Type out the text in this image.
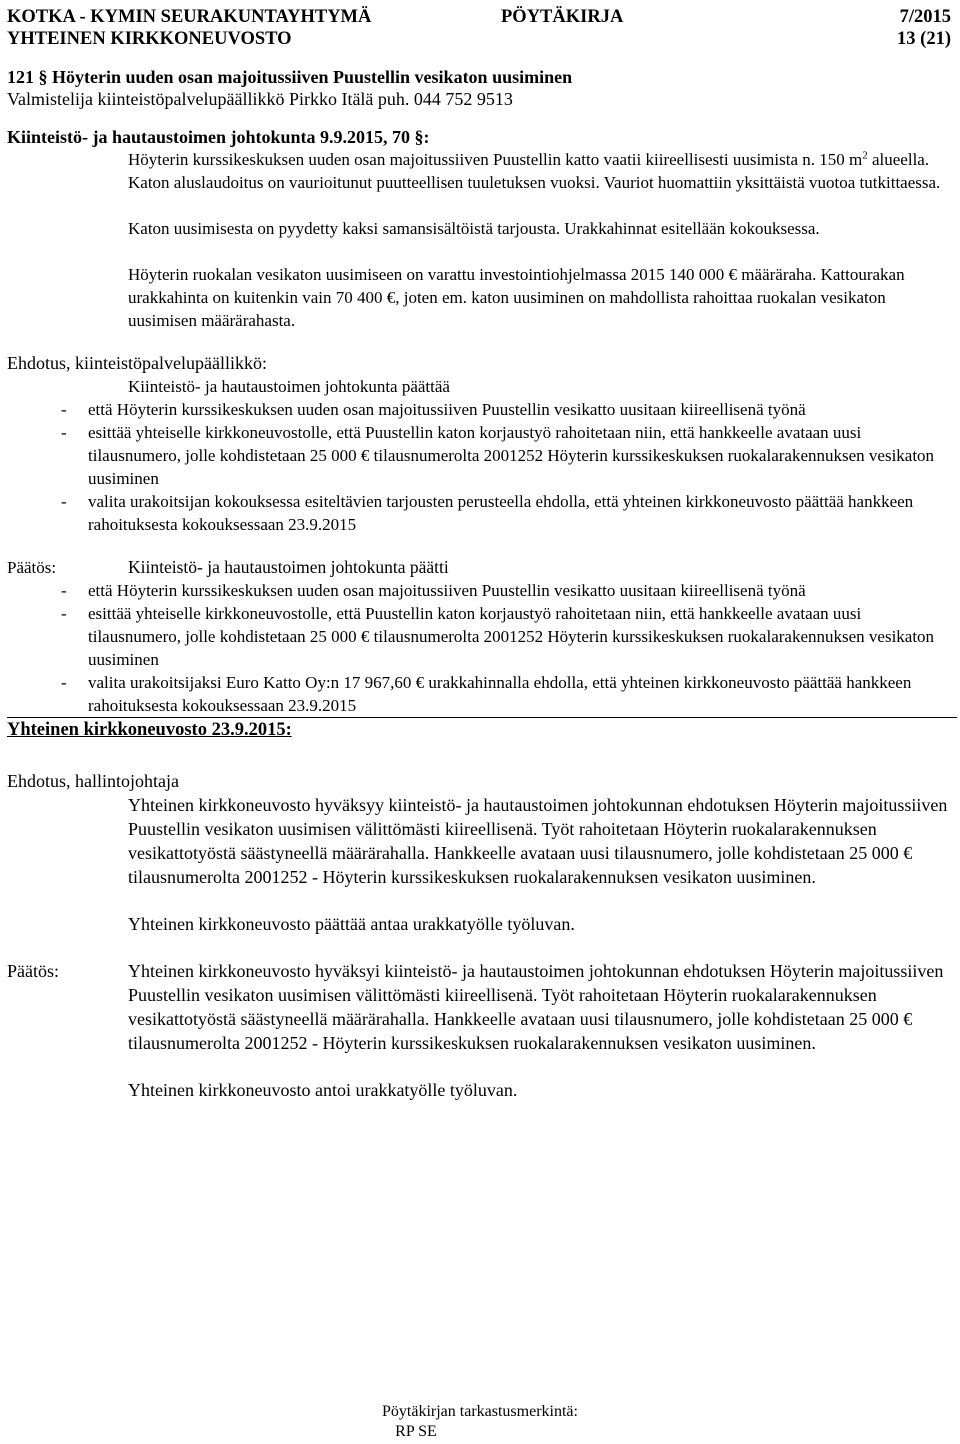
KOTKA - KYMIN SEURAKUNTAYHTYMÄ	PÖYTÄKIRJA	7/2015
YHTEINEN KIRKKONEUVOSTO	13 (21)
121 § Höyterin uuden osan majoitussiiven Puustellin vesikaton uusiminen
Valmistelija kiinteistöpalvelupäällikkö Pirkko Itälä puh. 044 752 9513
Kiinteistö- ja hautaustoimen johtokunta 9.9.2015, 70 §:
Höyterin kurssikeskuksen uuden osan majoitussiiven Puustellin katto vaatii kiireellisesti uusimista n. 150 $m^2$ alueella. Katon aluslaudoitus on vaurioitunut puutteellisen tuuletuksen vuoksi. Vauriot huomattiin yksittäistä vuotoa tutkittaessa.
Katon uusimisesta on pyydetty kaksi samansisältöistä tarjousta. Urakkahinnat esitellään kokouksessa.
Höyterin ruokalan vesikaton uusimiseen on varattu investointiohjelmassa 2015 140 000 € määräraha. Kattourakan urakkahinta on kuitenkin vain 70 400 €, joten em. katon uusiminen on mahdollista rahoittaa ruokalan vesikaton uusimisen määrärahasta.
Ehdotus, kiinteistöpalvelupäällikkö:
Kiinteistö- ja hautaustoimen johtokunta päättää
- että Höyterin kurssikeskuksen uuden osan majoitussiiven Puustellin vesikatto uusitaan kiireellisenä työnä
- esittää yhteiselle kirkkoneuvostolle, että Puustellin katon korjaustyö rahoitetaan niin, että hankkeelle avataan uusi tilausnumero, jolle kohdistetaan 25 000 € tilausnumerolta 2001252 Höyterin kurssikeskuksen ruokalarakennuksen vesikaton uusiminen
- valita urakoitsijan kokouksessa esiteltävien tarjousten perusteella ehdolla, että yhteinen kirkkoneuvosto päättää hankkeen rahoituksesta kokouksessaan 23.9.2015
Päätös:	Kiinteistö- ja hautaustoimen johtokunta päätti
- että Höyterin kurssikeskuksen uuden osan majoitussiiven Puustellin vesikatto uusitaan kiireellisenä työnä
- esittää yhteiselle kirkkoneuvostolle, että Puustellin katon korjaustyö rahoitetaan niin, että hankkeelle avataan uusi tilausnumero, jolle kohdistetaan 25 000 € tilausnumerolta 2001252 Höyterin kurssikeskuksen ruokalarakennuksen vesikaton uusiminen
- valita urakoitsijaksi Euro Katto Oy:n 17 967,60 € urakkahinnalla ehdolla, että yhteinen kirkkoneuvosto päättää hankkeen rahoituksesta kokouksessaan 23.9.2015
Yhteinen kirkkoneuvosto 23.9.2015:
Ehdotus, hallintojohtaja
Yhteinen kirkkoneuvosto hyväksyy kiinteistö- ja hautaustoimen johtokunnan ehdotuksen Höyterin majoitussiiven Puustellin vesikaton uusimisen välittömästi kiireellisenä. Työt rahoitetaan Höyterin ruokalarakennuksen vesikattotyöstä säästyneellä määrärahalla. Hankkeelle avataan uusi tilausnumero, jolle kohdistetaan 25 000 € tilausnumerolta 2001252 - Höyterin kurssikeskuksen ruokalarakennuksen vesikaton uusiminen.
Yhteinen kirkkoneuvosto päättää antaa urakkatyölle työluvan.
Päätös:	Yhteinen kirkkoneuvosto hyväksyi kiinteistö- ja hautaustoimen johtokunnan ehdotuksen Höyterin majoitussiiven Puustellin vesikaton uusimisen välittömästi kiireellisenä. Työt rahoitetaan Höyterin ruokalarakennuksen vesikattotyöstä säästyneellä määrärahalla. Hankkeelle avataan uusi tilausnumero, jolle kohdistetaan 25 000 € tilausnumerolta 2001252 - Höyterin kurssikeskuksen ruokalarakennuksen vesikaton uusiminen.
Yhteinen kirkkoneuvosto antoi urakkatyölle työluvan.
Pöytäkirjan tarkastusmerkintä:
RP SE
